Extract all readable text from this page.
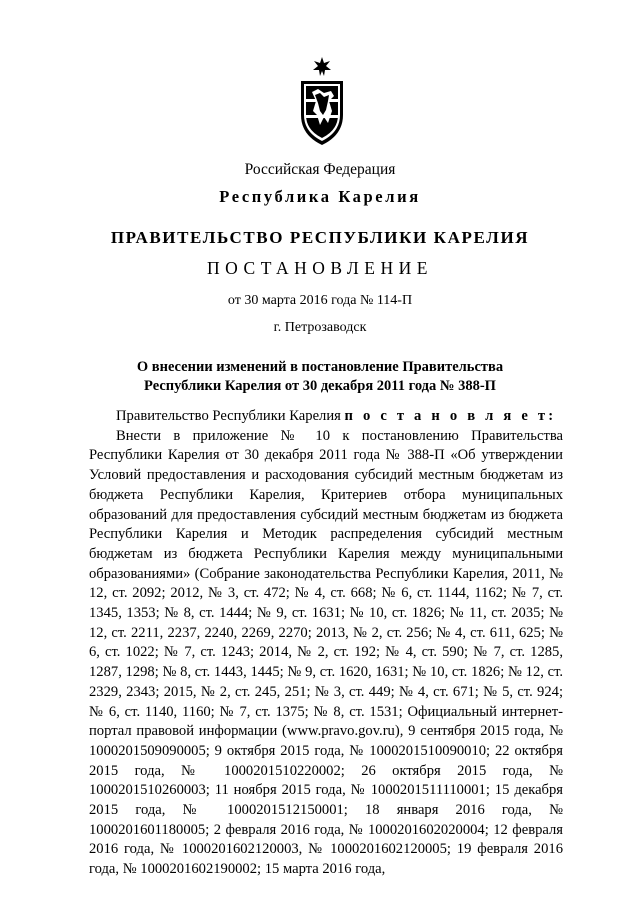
Российская Федерация
Республика Карелия
ПРАВИТЕЛЬСТВО РЕСПУБЛИКИ КАРЕЛИЯ
ПОСТАНОВЛЕНИЕ
от 30 марта 2016 года № 114-П
г. Петрозаводск
О внесении изменений в постановление Правительства
Республики Карелия от 30 декабря 2011 года № 388-П

Правительство Республики Карелия п о с т а н о в л я е т:

Внести в приложение № 10 к постановлению Правительства Республики Карелия от 30 декабря 2011 года № 388-П «Об утверждении Условий предоставления и расходования субсидий местным бюджетам из бюджета Республики Карелия, Критериев отбора муниципальных образований для предоставления субсидий местным бюджетам из бюджета Республики Карелия и Методик распределения субсидий местным бюджетам из бюджета Республики Карелия между муниципальными образованиями» (Собрание законодательства Республики Карелия, 2011, № 12, ст. 2092; 2012, № 3, ст. 472; № 4, ст. 668; № 6, ст. 1144, 1162; № 7, ст. 1345, 1353; № 8, ст. 1444; № 9, ст. 1631; № 10, ст. 1826; № 11, ст. 2035; № 12, ст. 2211, 2237, 2240, 2269, 2270; 2013, № 2, ст. 256; № 4, ст. 611, 625; № 6, ст. 1022; № 7, ст. 1243; 2014, № 2, ст. 192; № 4, ст. 590; № 7, ст. 1285, 1287, 1298; № 8, ст. 1443, 1445; № 9, ст. 1620, 1631; № 10, ст. 1826; № 12, ст. 2329, 2343; 2015, № 2, ст. 245, 251; № 3, ст. 449; № 4, ст. 671; № 5, ст. 924; № 6, ст. 1140, 1160; № 7, ст. 1375; № 8, ст. 1531; Официальный интернет-портал правовой информации (www.pravo.gov.ru), 9 сентября 2015 года, № 1000201509090005; 9 октября 2015 года, № 1000201510090010; 22 октября 2015 года, № 1000201510220002; 26 октября 2015 года, № 1000201510260003; 11 ноября 2015 года, № 1000201511110001; 15 декабря 2015 года, № 1000201512150001; 18 января 2016 года, № 1000201601180005; 2 февраля 2016 года, № 1000201602020004; 12 февраля 2016 года, № 1000201602120003, № 1000201602120005; 19 февраля 2016 года, № 1000201602190002; 15 марта 2016 года,
